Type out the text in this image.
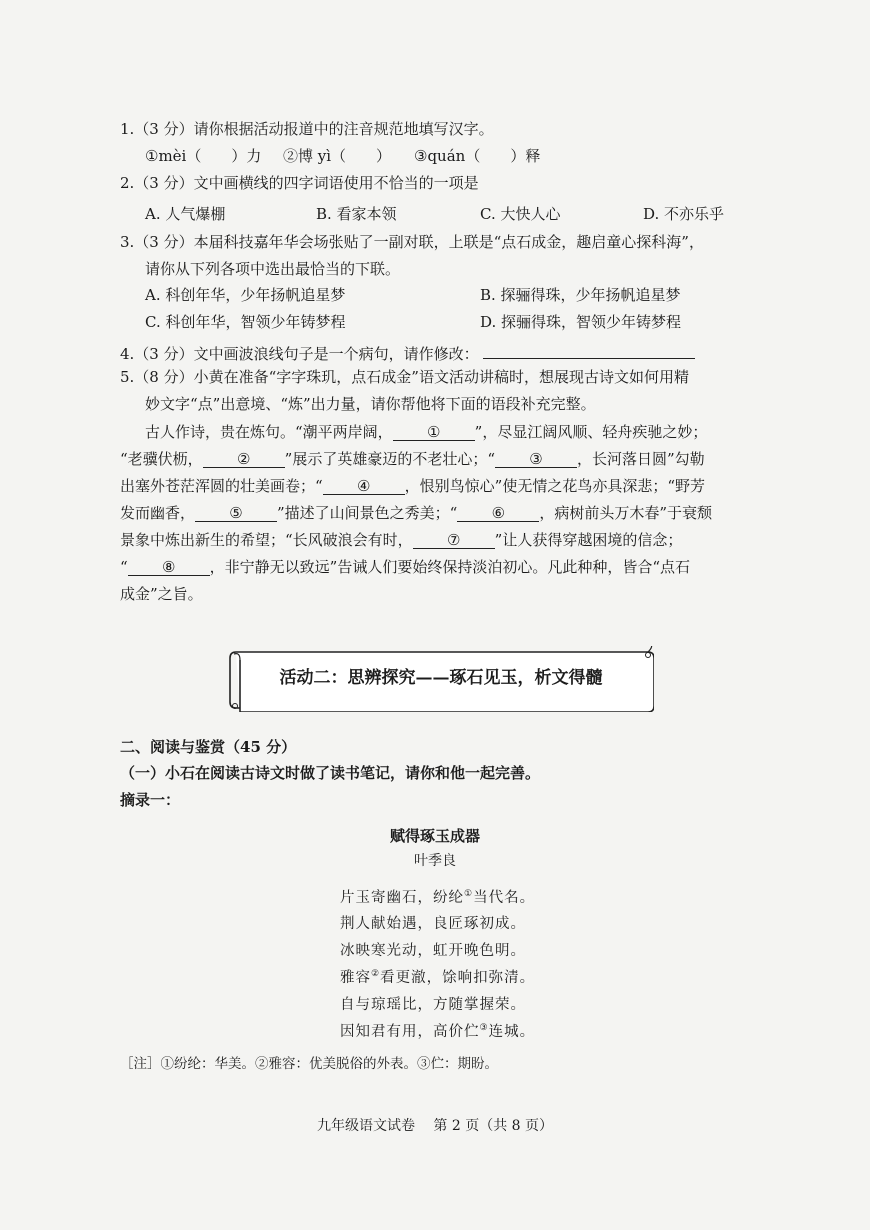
1.（3 分）请你根据活动报道中的注音规范地填写汉字。
①mèi（　　）力 ②博 yì（　　） ③quán（　　）释
2.（3 分）文中画横线的四字词语使用不恰当的一项是
A. 人气爆棚	B. 看家本领	C. 大快人心	D. 不亦乐乎
3.（3 分）本届科技嘉年华会场张贴了一副对联，上联是“点石成金，趣启童心探科海”，
请你从下列各项中选出最恰当的下联。
A. 科创年华，少年扬帆追星梦	B. 探骊得珠，少年扬帆追星梦
C. 科创年华，智领少年铸梦程	D. 探骊得珠，智领少年铸梦程
4.（3 分）文中画波浪线句子是一个病句，请作修改：
5.（8 分）小黄在准备“字字珠玑，点石成金”语文活动讲稿时，想展现古诗文如何用精
妙文字“点”出意境、“炼”出力量，请你帮他将下面的语段补充完整。
古人作诗，贵在炼句。“潮平两岸阔， ① ”，尽显江阔风顺、轻舟疾驰之妙；
“老骥伏枥， ② ”展示了英雄豪迈的不老壮心；“ ③ ，长河落日圆”勾勒
出塞外苍茫浑圆的壮美画卷；“ ④ ，恨别鸟惊心”使无情之花鸟亦具深悲；“野芳
发而幽香， ⑤ ”描述了山间景色之秀美；“ ⑥ ，病树前头万木春”于衰颓
景象中炼出新生的希望；“长风破浪会有时， ⑦ ”让人获得穿越困境的信念；
“ ⑧ ，非宁静无以致远”告诫人们要始终保持淡泊初心。凡此种种，皆合“点石
成金”之旨。
活动二：思辨探究——琢石见玉，析文得髓
二、阅读与鉴赏（45 分）
（一）小石在阅读古诗文时做了读书笔记，请你和他一起完善。
摘录一：
赋得琢玉成器
叶季良
片玉寄幽石，纷纶①当代名。
荆人献始遇，良匠琢初成。
冰映寒光动，虹开晚色明。
雅容②看更澈，馀响扣弥清。
自与琼瑶比，方随掌握荣。
因知君有用，高价伫③连城。
［注］①纷纶：华美。②雅容：优美脱俗的外表。③伫：期盼。
九年级语文试卷　 第 2 页（共 8 页）
